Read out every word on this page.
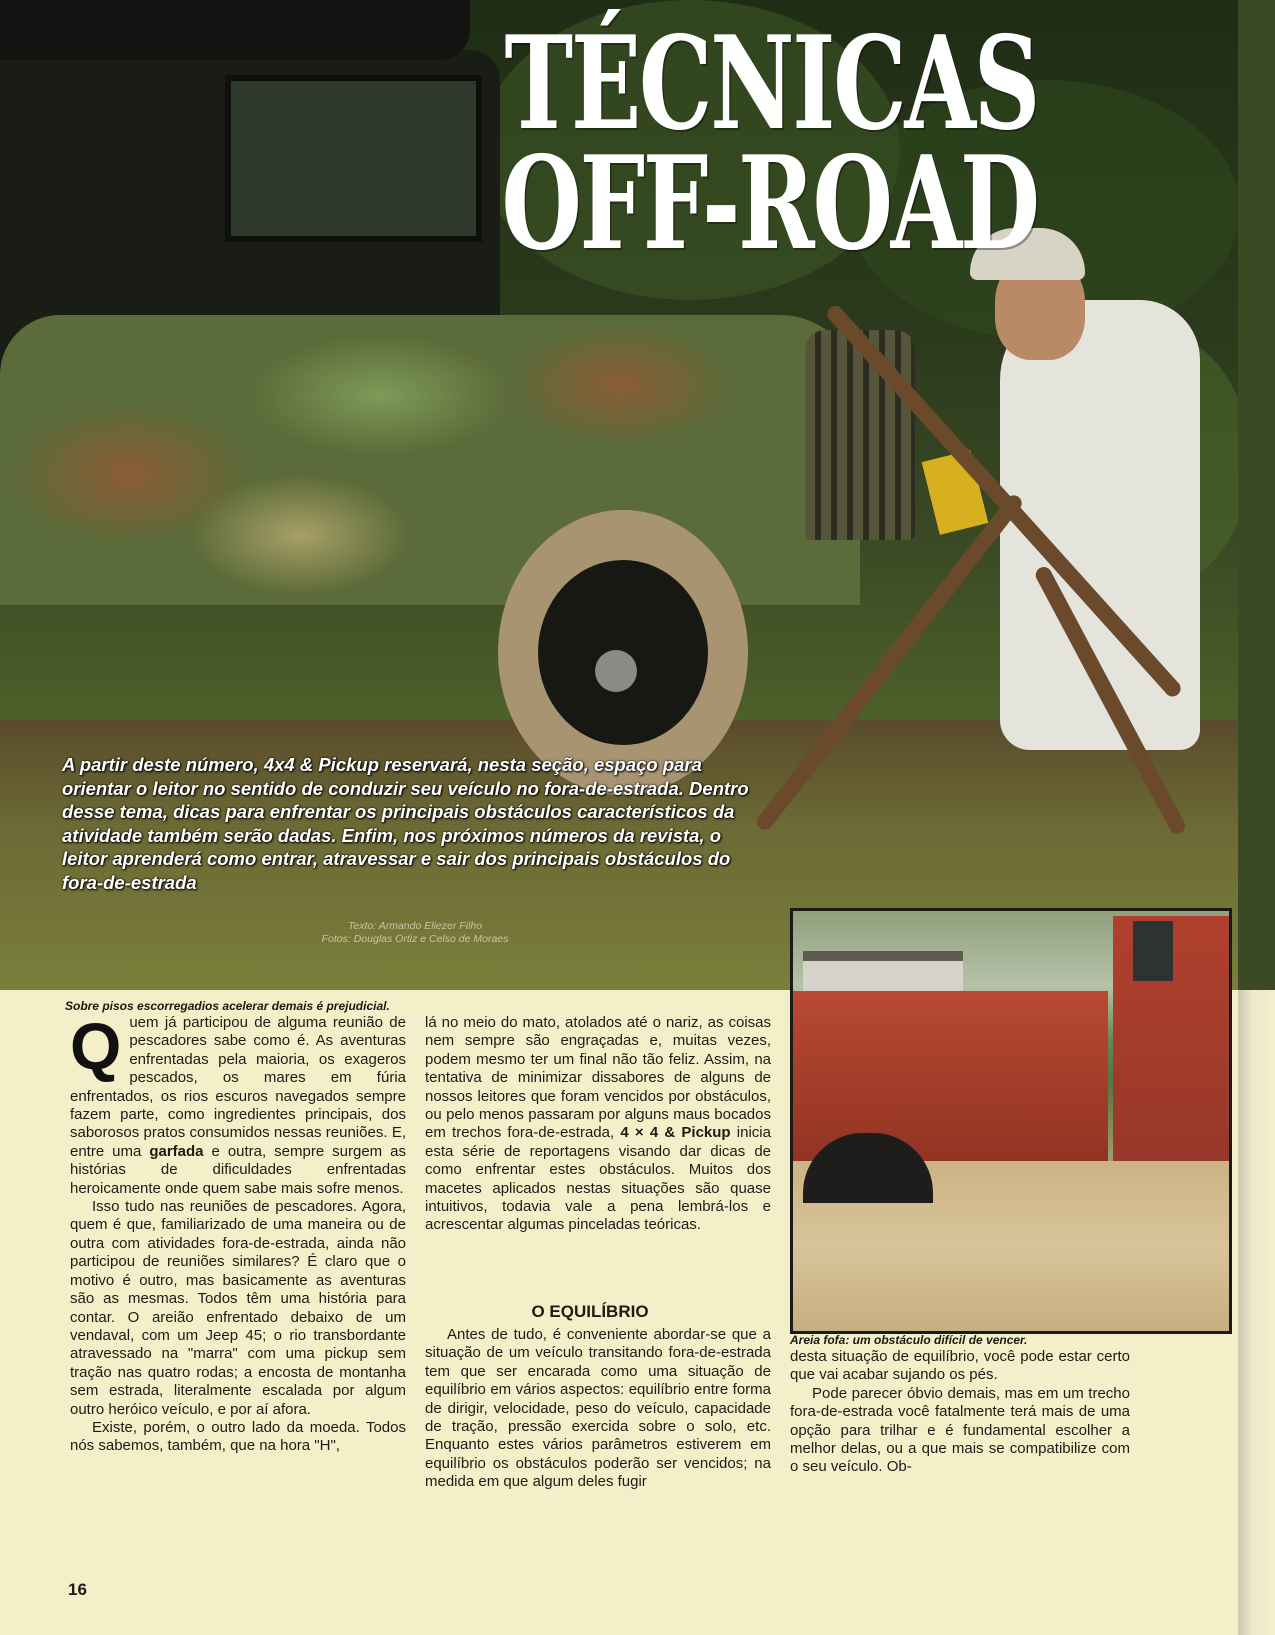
TÉCNICAS
OFF-ROAD

A partir deste número, 4x4 & Pickup reservará, nesta seção, espaço para orientar o leitor no sentido de conduzir seu veículo no fora-de-estrada. Dentro desse tema, dicas para enfrentar os principais obstáculos característicos da atividade também serão dadas. Enfim, nos próximos números da revista, o leitor aprenderá como entrar, atravessar e sair dos principais obstáculos do fora-de-estrada

Texto: Armando Eliezer Filho
Fotos: Douglas Ortiz e Celso de Moraes

Sobre pisos escorregadios acelerar demais é prejudicial.

Areia fofa: um obstáculo difícil de vencer.

Quem já participou de alguma reunião de pescadores sabe como é. As aventuras enfrentadas pela maioria, os exageros pescados, os mares em fúria enfrentados, os rios escuros navegados sempre fazem parte, como ingredientes principais, dos saborosos pratos consumidos nessas reuniões. E, entre uma garfada e outra, sempre surgem as histórias de dificuldades enfrentadas heroicamente onde quem sabe mais sofre menos.

Isso tudo nas reuniões de pescadores. Agora, quem é que, familiarizado de uma maneira ou de outra com atividades fora-de-estrada, ainda não participou de reuniões similares? É claro que o motivo é outro, mas basicamente as aventuras são as mesmas. Todos têm uma história para contar. O areião enfrentado debaixo de um vendaval, com um Jeep 45; o rio transbordante atravessado na "marra" com uma pickup sem tração nas quatro rodas; a encosta de montanha sem estrada, literalmente escalada por algum outro heróico veículo, e por aí afora.

Existe, porém, o outro lado da moeda. Todos nós sabemos, também, que na hora "H",

lá no meio do mato, atolados até o nariz, as coisas nem sempre são engraçadas e, muitas vezes, podem mesmo ter um final não tão feliz. Assim, na tentativa de minimizar dissabores de alguns de nossos leitores que foram vencidos por obstáculos, ou pelo menos passaram por alguns maus bocados em trechos fora-de-estrada, 4 × 4 & Pickup inicia esta série de reportagens visando dar dicas de como enfrentar estes obstáculos. Muitos dos macetes aplicados nestas situações são quase intuitivos, todavia vale a pena lembrá-los e acrescentar algumas pinceladas teóricas.

O EQUILÍBRIO

Antes de tudo, é conveniente abordar-se que a situação de um veículo transitando fora-de-estrada tem que ser encarada como uma situação de equilíbrio em vários aspectos: equilíbrio entre forma de dirigir, velocidade, peso do veículo, capacidade de tração, pressão exercida sobre o solo, etc. Enquanto estes vários parâmetros estiverem em equilíbrio os obstáculos poderão ser vencidos; na medida em que algum deles fugir

desta situação de equilíbrio, você pode estar certo que vai acabar sujando os pés.

Pode parecer óbvio demais, mas em um trecho fora-de-estrada você fatalmente terá mais de uma opção para trilhar e é fundamental escolher a melhor delas, ou a que mais se compatibilize com o seu veículo. Ob-

16
